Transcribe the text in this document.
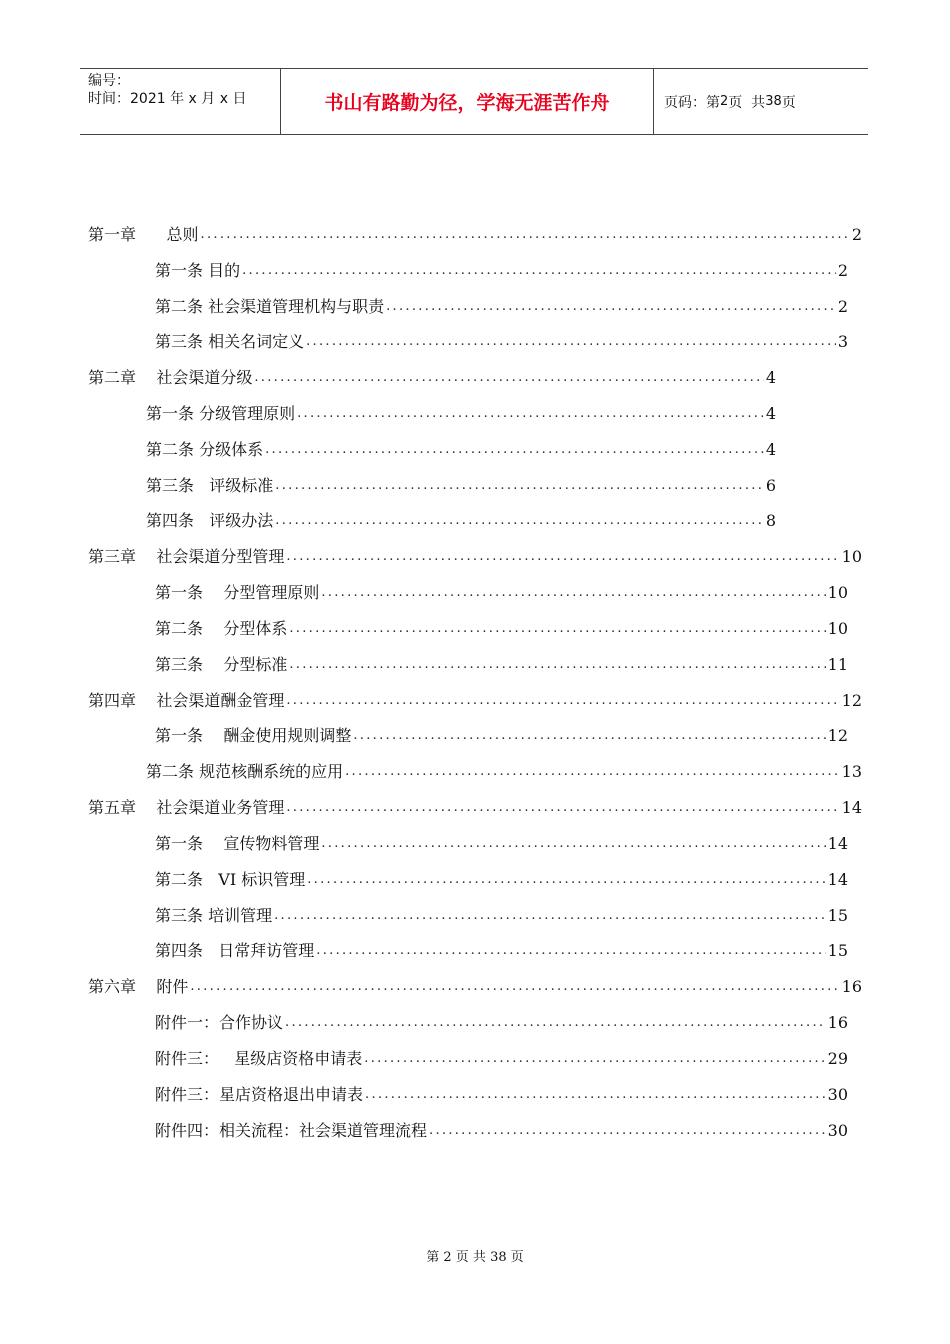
编号：
时间：2021 年 x 月 x 日	书山有路勤为径，学海无涯苦作舟	页码：第 2 页  共 38 页
第一章      总则 .....	2
第一条 目的 .....	2
第二条 社会渠道管理机构与职责 .....	2
第三条 相关名词定义 .....	3
第二章    社会渠道分级 .....	4
第一条 分级管理原则 .....	4
第二条 分级体系 .....	4
第三条   评级标准 .....	6
第四条   评级办法 .....	8
第三章    社会渠道分型管理 .....	10
第一条    分型管理原则 .....	10
第二条    分型体系 .....	10
第三条    分型标准 .....	11
第四章    社会渠道酬金管理 .....	12
第一条    酬金使用规则调整 .....	12
第二条 规范核酬系统的应用 .....	13
第五章    社会渠道业务管理 .....	14
第一条    宣传物料管理 .....	14
第二条   VI 标识管理 .....	14
第三条 培训管理 .....	15
第四条   日常拜访管理 .....	15
第六章    附件 .....	16
附件一：合作协议 .....	16
附件三：   星级店资格申请表 .....	29
附件三：星店资格退出申请表 .....	30
附件四：相关流程：社会渠道管理流程 .....	30
第 2 页 共 38 页
